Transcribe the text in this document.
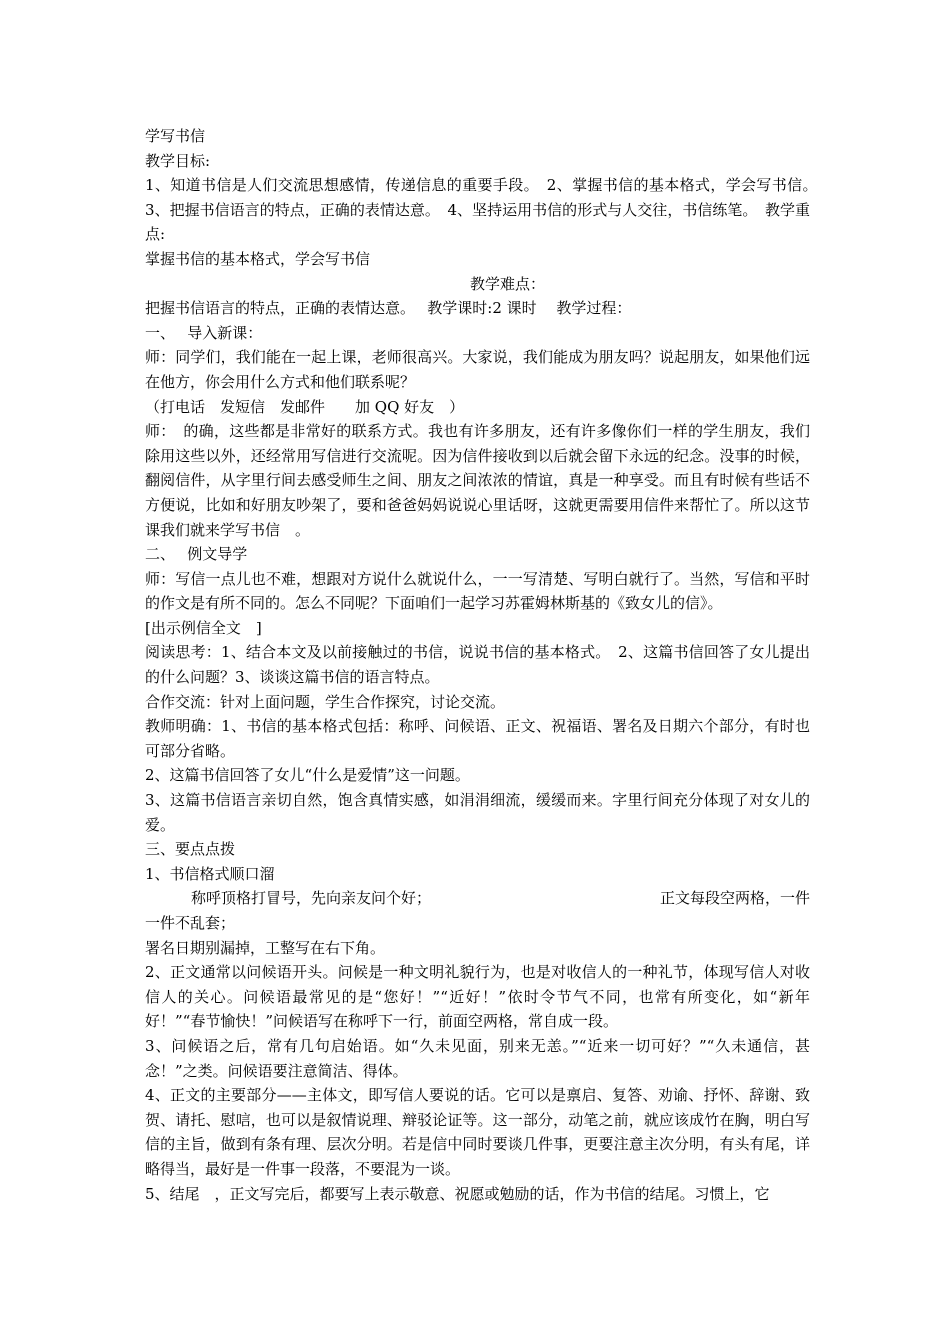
学写书信

教学目标:

1、知道书信是人们交流思想感情，传递信息的重要手段。　2、掌握书信的基本格式，学会写书信。　3、把握书信语言的特点，正确的表情达意。　4、坚持运用书信的形式与人交往，书信练笔。　教学重点:

掌握书信的基本格式，学会写书信

教学难点：

把握书信语言的特点，正确的表情达意。　 教学课时:2 课时　 教学过程：

一、　 导入新课：

师：同学们，我们能在一起上课，老师很高兴。大家说，我们能成为朋友吗？说起朋友，如果他们远在他方，你会用什么方式和他们联系呢？

（打电话　发短信　发邮件　　加 QQ 好友　）

师：　的确，这些都是非常好的联系方式。我也有许多朋友，还有许多像你们一样的学生朋友，我们除用这些以外，还经常用写信进行交流呢。因为信件接收到以后就会留下永远的纪念。没事的时候，翻阅信件，从字里行间去感受师生之间、朋友之间浓浓的情谊，真是一种享受。而且有时候有些话不方便说，比如和好朋友吵架了，要和爸爸妈妈说说心里话呀，这就更需要用信件来帮忙了。所以这节课我们就来学写书信　。

二、　 例文导学

师：写信一点儿也不难，想跟对方说什么就说什么，一一写清楚、写明白就行了。当然，写信和平时的作文是有所不同的。怎么不同呢？下面咱们一起学习苏霍姆林斯基的《致女儿的信》。

[出示例信全文　]

阅读思考：1、结合本文及以前接触过的书信，说说书信的基本格式。　2、这篇书信回答了女儿提出的什么问题？3、谈谈这篇书信的语言特点。

合作交流：针对上面问题，学生合作探究，讨论交流。

教师明确：1、书信的基本格式包括：称呼、问候语、正文、祝福语、署名及日期六个部分，有时也可部分省略。

2、这篇书信回答了女儿“什么是爱情”这一问题。

3、这篇书信语言亲切自然，饱含真情实感，如涓涓细流，缓缓而来。字里行间充分体现了对女儿的爱。

三、要点点拨

1、书信格式顺口溜

称呼顶格打冒号，先向亲友问个好；	正文每段空两格，一件

一件不乱套；

署名日期别漏掉，工整写在右下角。

2、正文通常以问候语开头。问候是一种文明礼貌行为，也是对收信人的一种礼节，体现写信人对收信人的关心。问候语最常见的是“您好！”“近好！”依时令节气不同，也常有所变化，如“新年好！”“春节愉快！”问候语写在称呼下一行，前面空两格，常自成一段。

3、问候语之后，常有几句启始语。如“久未见面，别来无恙。”“近来一切可好？”“久未通信，甚念！”之类。问候语要注意简洁、得体。

4、正文的主要部分——主体文，即写信人要说的话。它可以是禀启、复答、劝谕、抒怀、辞谢、致贺、请托、慰唁，也可以是叙情说理、辩驳论证等。这一部分，动笔之前，就应该成竹在胸，明白写信的主旨，做到有条有理、层次分明。若是信中同时要谈几件事，更要注意主次分明，有头有尾，详略得当，最好是一件事一段落，不要混为一谈。

5、结尾　，正文写完后，都要写上表示敬意、祝愿或勉励的话，作为书信的结尾。习惯上，它
